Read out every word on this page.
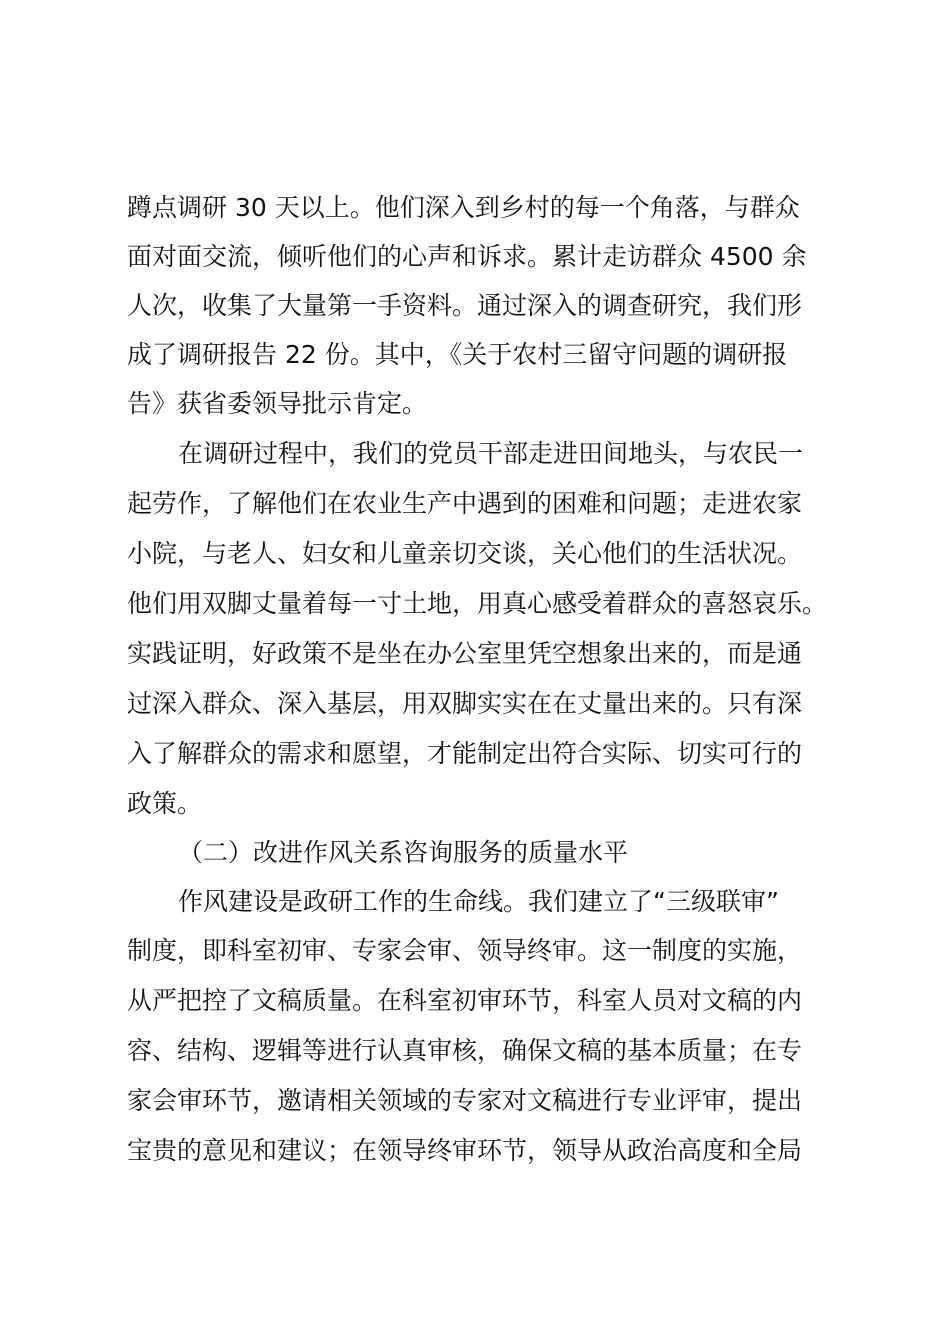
蹲点调研 30 天以上。他们深入到乡村的每一个角落，与群众
面对面交流，倾听他们的心声和诉求。累计走访群众 4500 余
人次，收集了大量第一手资料。通过深入的调查研究，我们形
成了调研报告 22 份。其中，《关于农村三留守问题的调研报
告》获省委领导批示肯定。
在调研过程中，我们的党员干部走进田间地头，与农民一
起劳作，了解他们在农业生产中遇到的困难和问题；走进农家
小院，与老人、妇女和儿童亲切交谈，关心他们的生活状况。
他们用双脚丈量着每一寸土地，用真心感受着群众的喜怒哀乐。
实践证明，好政策不是坐在办公室里凭空想象出来的，而是通
过深入群众、深入基层，用双脚实实在在丈量出来的。只有深
入了解群众的需求和愿望，才能制定出符合实际、切实可行的
政策。
（二）改进作风关系咨询服务的质量水平
作风建设是政研工作的生命线。我们建立了“三级联审”
制度，即科室初审、专家会审、领导终审。这一制度的实施，
从严把控了文稿质量。在科室初审环节，科室人员对文稿的内
容、结构、逻辑等进行认真审核，确保文稿的基本质量；在专
家会审环节，邀请相关领域的专家对文稿进行专业评审，提出
宝贵的意见和建议；在领导终审环节，领导从政治高度和全局
